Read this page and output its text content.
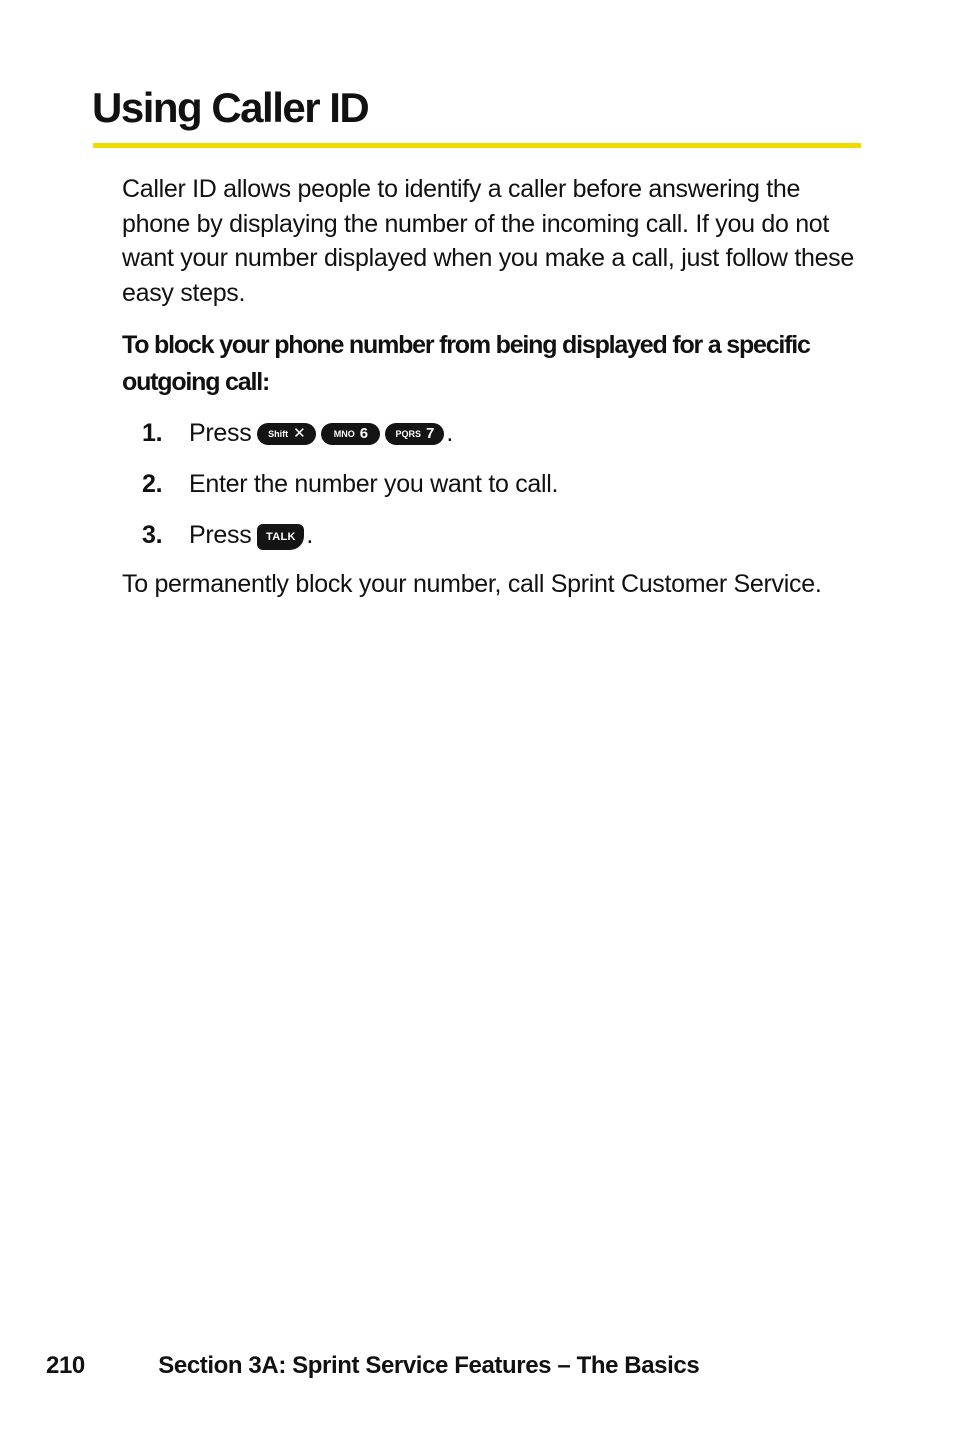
Using Caller ID

Caller ID allows people to identify a caller before answering the phone by displaying the number of the incoming call. If you do not want your number displayed when you make a call, just follow these easy steps.

To block your phone number from being displayed for a specific outgoing call:

1.	Press Shift ✕	MNO 6	PQRS 7 .
2.	Enter the number you want to call.
3.	Press	TALK .

To permanently block your number, call Sprint Customer Service.

210	Section 3A: Sprint Service Features – The Basics
